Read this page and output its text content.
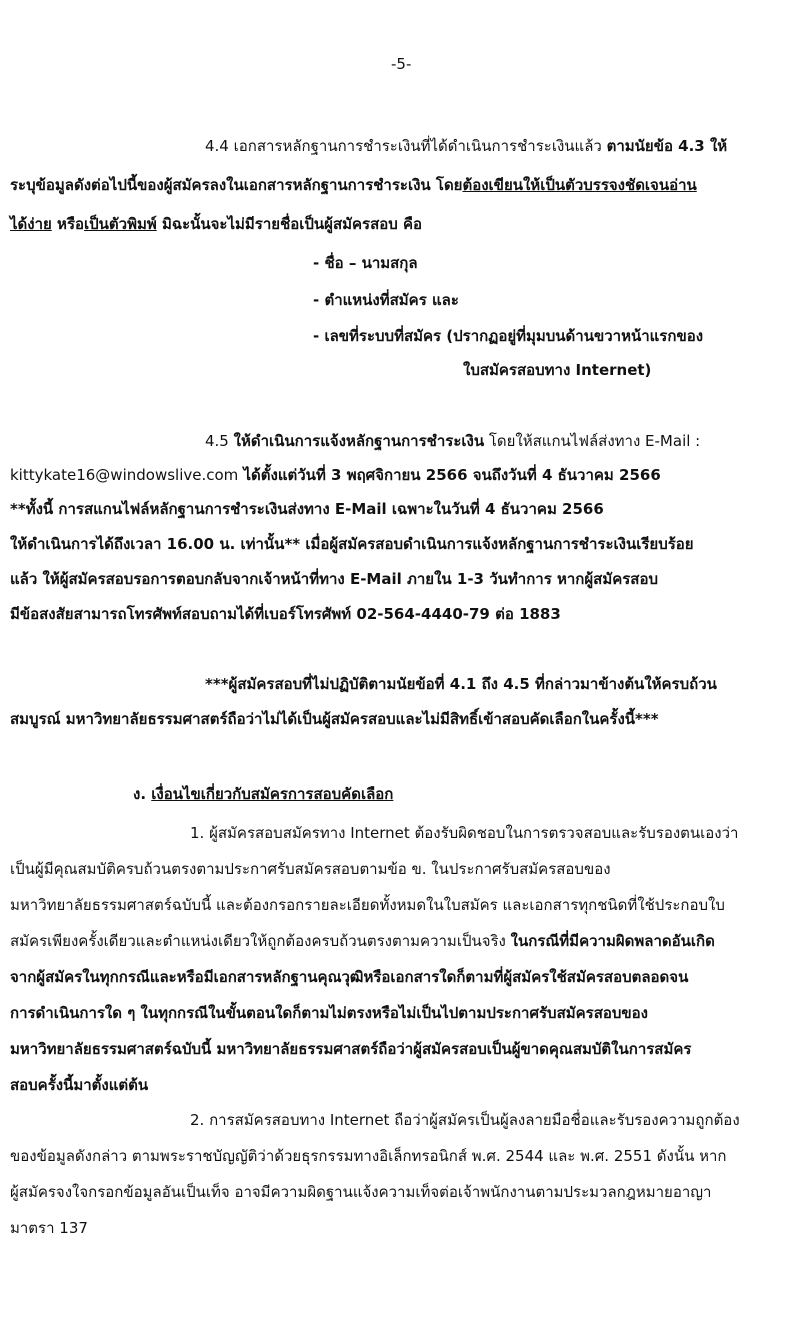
-5-
4.4 เอกสารหลักฐานการชำระเงินที่ได้ดำเนินการชำระเงินแล้ว ตามนัยข้อ 4.3 ให้
ระบุข้อมูลดังต่อไปนี้ของผู้สมัครลงในเอกสารหลักฐานการชำระเงิน โดยต้องเขียนให้เป็นตัวบรรจงชัดเจนอ่าน
ได้ง่าย หรือเป็นตัวพิมพ์ มิฉะนั้นจะไม่มีรายชื่อเป็นผู้สมัครสอบ คือ
- ชื่อ – นามสกุล
- ตำแหน่งที่สมัคร และ
- เลขที่ระบบที่สมัคร (ปรากฏอยู่ที่มุมบนด้านขวาหน้าแรกของ
ใบสมัครสอบทาง Internet)
4.5 ให้ดำเนินการแจ้งหลักฐานการชำระเงิน โดยให้สแกนไฟล์ส่งทาง E-Mail :
kittykate16@windowslive.com ได้ตั้งแต่วันที่ 3 พฤศจิกายน 2566 จนถึงวันที่ 4 ธันวาคม 2566
**ทั้งนี้ การสแกนไฟล์หลักฐานการชำระเงินส่งทาง E-Mail เฉพาะในวันที่ 4 ธันวาคม 2566
ให้ดำเนินการได้ถึงเวลา 16.00 น. เท่านั้น** เมื่อผู้สมัครสอบดำเนินการแจ้งหลักฐานการชำระเงินเรียบร้อย
แล้ว ให้ผู้สมัครสอบรอการตอบกลับจากเจ้าหน้าที่ทาง E-Mail ภายใน 1-3 วันทำการ หากผู้สมัครสอบ
มีข้อสงสัยสามารถโทรศัพท์สอบถามได้ที่เบอร์โทรศัพท์ 02-564-4440-79 ต่อ 1883
***ผู้สมัครสอบที่ไม่ปฏิบัติตามนัยข้อที่ 4.1 ถึง 4.5 ที่กล่าวมาข้างต้นให้ครบถ้วน
สมบูรณ์ มหาวิทยาลัยธรรมศาสตร์ถือว่าไม่ได้เป็นผู้สมัครสอบและไม่มีสิทธิ์เข้าสอบคัดเลือกในครั้งนี้***
ง. เงื่อนไขเกี่ยวกับสมัครการสอบคัดเลือก
1. ผู้สมัครสอบสมัครทาง Internet ต้องรับผิดชอบในการตรวจสอบและรับรองตนเองว่า
เป็นผู้มีคุณสมบัติครบถ้วนตรงตามประกาศรับสมัครสอบตามข้อ ข. ในประกาศรับสมัครสอบของ
มหาวิทยาลัยธรรมศาสตร์ฉบับนี้ และต้องกรอกรายละเอียดทั้งหมดในใบสมัคร และเอกสารทุกชนิดที่ใช้ประกอบใบ
สมัครเพียงครั้งเดียวและตำแหน่งเดียวให้ถูกต้องครบถ้วนตรงตามความเป็นจริง ในกรณีที่มีความผิดพลาดอันเกิด
จากผู้สมัครในทุกกรณีและหรือมีเอกสารหลักฐานคุณวุฒิหรือเอกสารใดก็ตามที่ผู้สมัครใช้สมัครสอบตลอดจน
การดำเนินการใด ๆ ในทุกกรณีในขั้นตอนใดก็ตามไม่ตรงหรือไม่เป็นไปตามประกาศรับสมัครสอบของ
มหาวิทยาลัยธรรมศาสตร์ฉบับนี้ มหาวิทยาลัยธรรมศาสตร์ถือว่าผู้สมัครสอบเป็นผู้ขาดคุณสมบัติในการสมัคร
สอบครั้งนี้มาตั้งแต่ต้น
2. การสมัครสอบทาง Internet ถือว่าผู้สมัครเป็นผู้ลงลายมือชื่อและรับรองความถูกต้อง
ของข้อมูลดังกล่าว ตามพระราชบัญญัติว่าด้วยธุรกรรมทางอิเล็กทรอนิกส์ พ.ศ. 2544 และ พ.ศ. 2551 ดังนั้น หาก
ผู้สมัครจงใจกรอกข้อมูลอันเป็นเท็จ อาจมีความผิดฐานแจ้งความเท็จต่อเจ้าพนักงานตามประมวลกฎหมายอาญา
มาตรา 137
